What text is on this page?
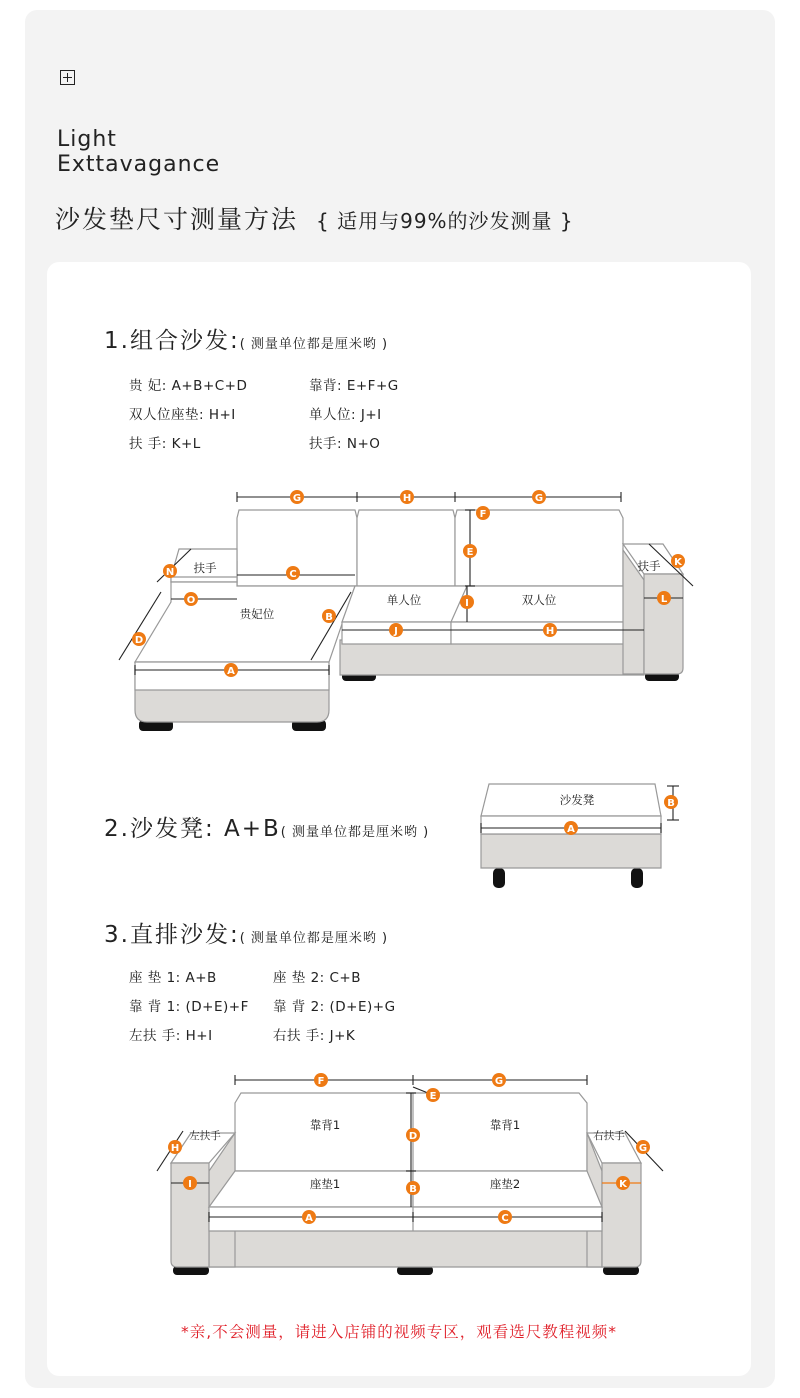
Light
Exttavagance
沙发垫尺寸测量方法 { 适用与99%的沙发测量 }
1.组合沙发:( 测量单位都是厘米哟 )
贵 妃: A+B+C+D	靠背: E+F+G
双人位座垫: H+I	单人位: J+I
扶 手: K+L	扶手: N+O
扶手
贵妃位
单人位	双人位
扶手
G	H	G
F
E
C
I
J	H
A
B
D
N
O
K
L
2.沙发凳: A+B( 测量单位都是厘米哟 )
沙发凳
A
B
3.直排沙发:( 测量单位都是厘米哟 )
座 垫 1: A+B	座 垫 2: C+B
靠 背 1: (D+E)+F 靠 背 2: (D+E)+G
左扶 手: H+I	右扶 手: J+K
靠背1	靠背1
座垫1	座垫2
左扶手	右扶手
F	G
E
D
B
A	C
H
I
G
K
*亲,不会测量，请进入店铺的视频专区，观看选尺教程视频*
